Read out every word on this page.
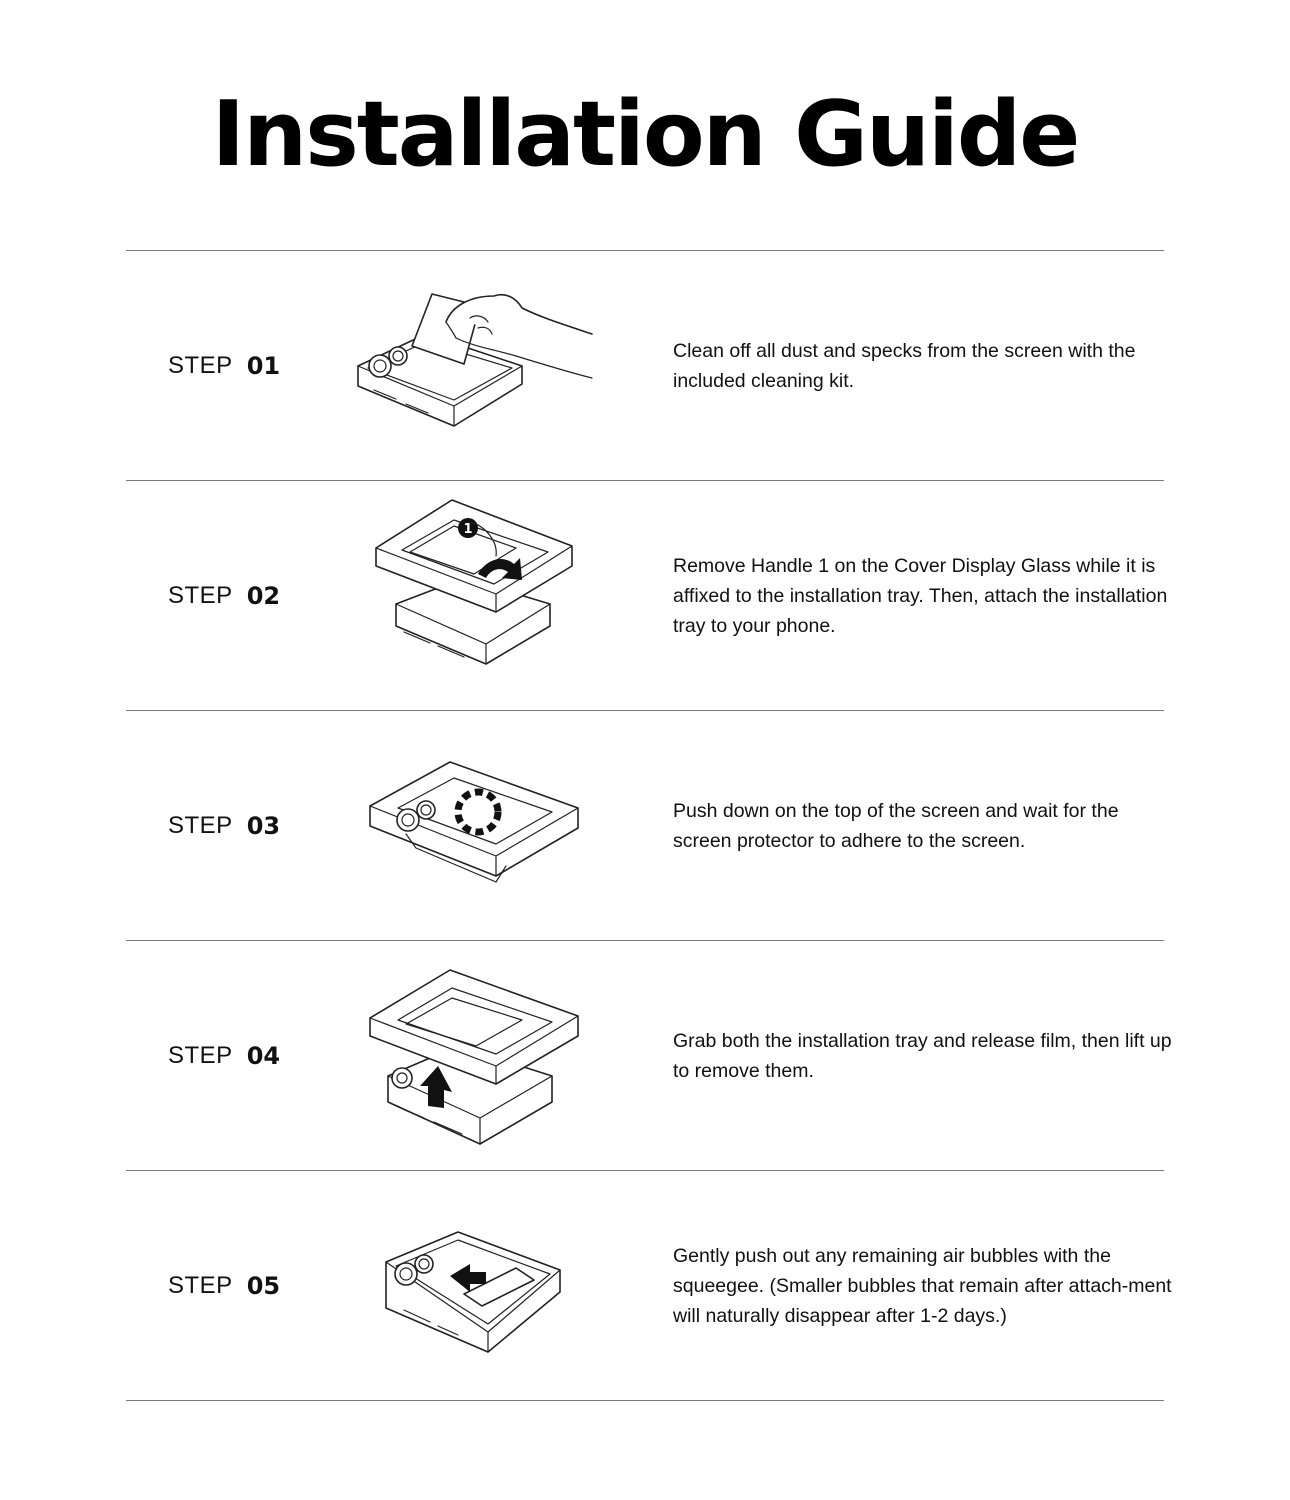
Installation Guide
STEP 01

Clean off all dust and specks from the screen with the included cleaning kit.

STEP 02
1

Remove Handle 1 on the Cover Display Glass while it is affixed to the installation tray. Then, attach the installation tray to your phone.

STEP 03

Push down on the top of the screen and wait for the screen protector to adhere to the screen.

STEP 04

Grab both the installation tray and release film, then lift up to remove them.

STEP 05

Gently push out any remaining air bubbles with the squeegee. (Smaller bubbles that remain after attach-ment will naturally disappear after 1-2 days.)
